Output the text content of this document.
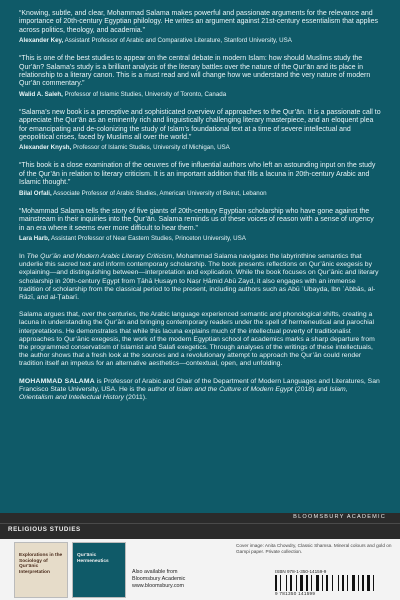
“Knowing, subtle, and clear, Mohammad Salama makes powerful and passionate arguments for the relevance and importance of 20th-century Egyptian philology. He writes an argument against 21st-century essentialism that applies across politics, theology, and academia.”

Alexander Key, Assistant Professor of Arabic and Comparative Literature, Stanford University, USA

“This is one of the best studies to appear on the central debate in modern Islam: how should Muslims study the Qur’ān? Salama’s study is a brilliant analysis of the literary battles over the nature of the Qur’ān and its place in relationship to a literary canon. This is a must read and will change how we understand the very nature of modern Qur’ān commentary.”

Walid A. Saleh, Professor of Islamic Studies, University of Toronto, Canada

“Salama’s new book is a perceptive and sophisticated overview of approaches to the Qur’ān. It is a passionate call to appreciate the Qur’ān as an eminently rich and linguistically challenging literary masterpiece, and an eloquent plea for emancipating and de-colonizing the study of Islam’s foundational text at a time of severe intellectual and geopolitical crises, faced by Muslims all over the world.”

Alexander Knysh, Professor of Islamic Studies, University of Michigan, USA

“This book is a close examination of the oeuvres of five influential authors who left an astounding input on the study of the Qur’ān in relation to literary criticism. It is an important addition that fills a lacuna in 20th-century Arabic and Islamic thought.”

Bilal Orfali, Associate Professor of Arabic Studies, American University of Beirut, Lebanon

“Mohammad Salama tells the story of five giants of 20th-century Egyptian scholarship who have gone against the mainstream in their inquiries into the Qur’ān. Salama reminds us of these voices of reason with a sense of urgency in an era where it seems ever more difficult to hear them.”

Lara Harb, Assistant Professor of Near Eastern Studies, Princeton University, USA

In The Qur’ān and Modern Arabic Literary Criticism, Mohammad Salama navigates the labyrinthine semantics that underlie this sacred text and inform contemporary scholarship. The book presents reflections on Qur’ānic exegesis by explaining—and distinguishing between—interpretation and explication. While the book focuses on Qur’ānic and literary scholarship in 20th-century Egypt from Ṭāhā Ḥusayn to Naṣr Ḥāmid Abū Zayd, it also engages with an immense tradition of scholarship from the classical period to the present, including authors such as Abū ʿUbayda, Ibn ʿAbbās, al-Rāzī, and al-Ṭabarī.

Salama argues that, over the centuries, the Arabic language experienced semantic and phonological shifts, creating a lacuna in understanding the Qur’ān and bringing contemporary readers under the spell of hermeneutical and parochial interpretations. He demonstrates that while this lacuna explains much of the intellectual poverty of traditionalist approaches to Qur’ānic exegesis, the work of the modern Egyptian school of academics marks a sharp departure from the programmed conservatism of Islamist and Salafi exegetics. Through analyses of the writings of these intellectuals, the author shows that a fresh look at the sources and a revolutionary attempt to approach the Qur’ān could render tradition itself an impetus for an alternative aesthetics—contextual, open, and unfolding.

MOHAMMAD SALAMA is Professor of Arabic and Chair of the Department of Modern Languages and Literatures, San Francisco State University, USA. He is the author of Islam and the Culture of Modern Egypt (2018) and Islam, Orientalism and Intellectual History (2011).

BLOOMSBURY ACADEMIC
RELIGIOUS STUDIES
Explorations in the Sociology of Qur'ānic Interpretation
Qur'ānic Hermeneutics
Also available from
Bloomsbury Academic
www.bloomsbury.com
Cover image: Anita Chowdry, Classic Shamsa. Mineral colours and gold on Gampi paper. Private collection.
ISBN 978-1-350-14159-9
9 781350 141599
